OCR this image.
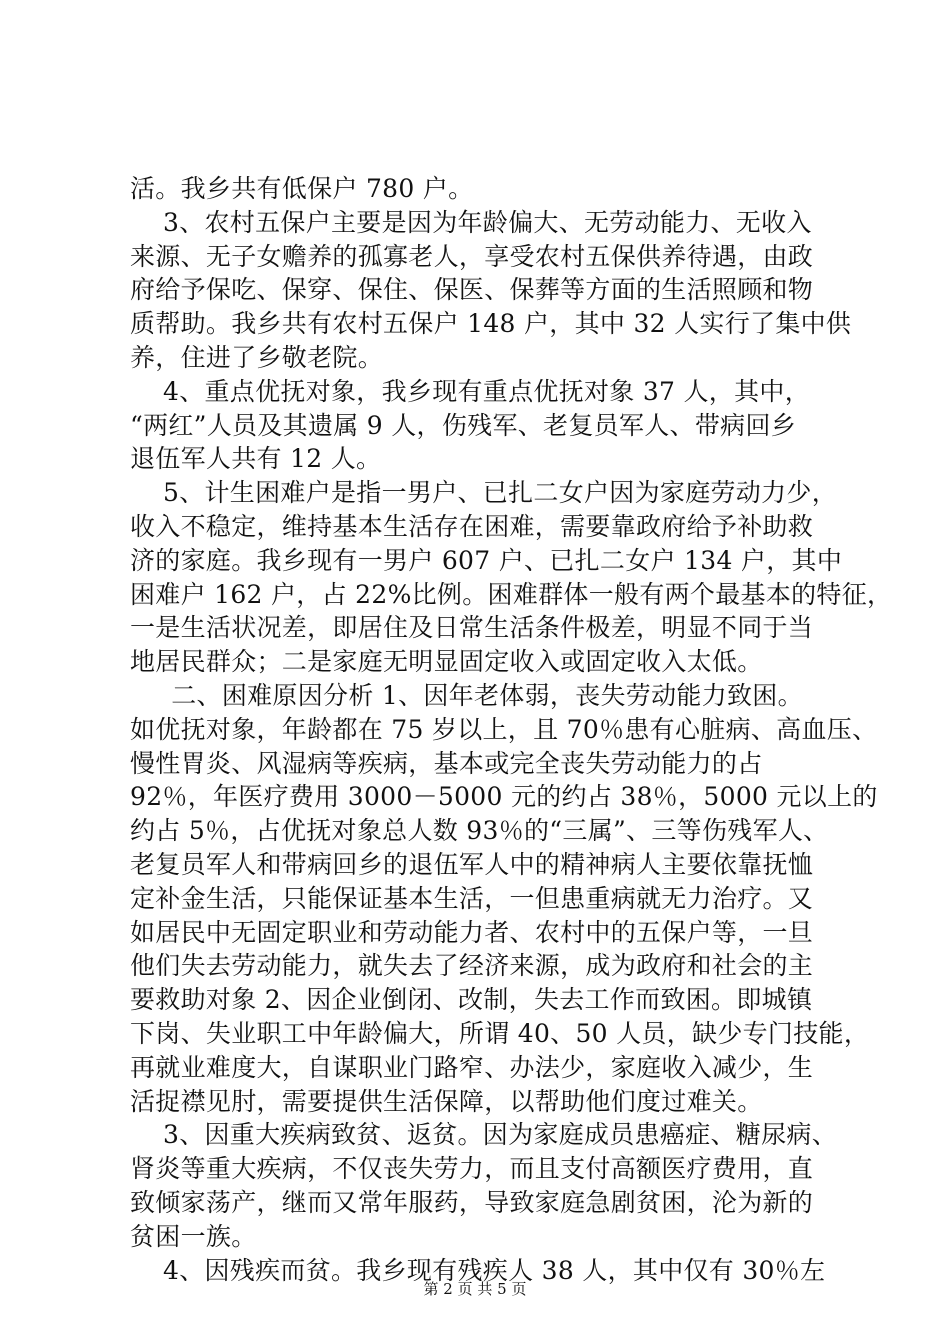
活。我乡共有低保户 780 户。
3、农村五保户主要是因为年龄偏大、无劳动能力、无收入
来源、无子女赡养的孤寡老人，享受农村五保供养待遇，由政
府给予保吃、保穿、保住、保医、保葬等方面的生活照顾和物
质帮助。我乡共有农村五保户 148 户，其中 32 人实行了集中供
养，住进了乡敬老院。
4、重点优抚对象，我乡现有重点优抚对象 37 人，其中，
“两红”人员及其遗属 9 人，伤残军、老复员军人、带病回乡
退伍军人共有 12 人。
5、计生困难户是指一男户、已扎二女户因为家庭劳动力少，
收入不稳定，维持基本生活存在困难，需要靠政府给予补助救
济的家庭。我乡现有一男户 607 户、已扎二女户 134 户，其中
困难户 162 户，占 22%比例。困难群体一般有两个最基本的特征，
一是生活状况差，即居住及日常生活条件极差，明显不同于当
地居民群众；二是家庭无明显固定收入或固定收入太低。
二、困难原因分析 1、因年老体弱，丧失劳动能力致困。
如优抚对象，年龄都在 75 岁以上，且 70％患有心脏病、高血压、
慢性胃炎、风湿病等疾病，基本或完全丧失劳动能力的占
92％，年医疗费用 3000－5000 元的约占 38％，5000 元以上的
约占 5％，占优抚对象总人数 93％的“三属”、三等伤残军人、
老复员军人和带病回乡的退伍军人中的精神病人主要依靠抚恤
定补金生活，只能保证基本生活，一但患重病就无力治疗。又
如居民中无固定职业和劳动能力者、农村中的五保户等，一旦
他们失去劳动能力，就失去了经济来源，成为政府和社会的主
要救助对象 2、因企业倒闭、改制，失去工作而致困。即城镇
下岗、失业职工中年龄偏大，所谓 40、50 人员，缺少专门技能，
再就业难度大，自谋职业门路窄、办法少，家庭收入减少，生
活捉襟见肘，需要提供生活保障，以帮助他们度过难关。
3、因重大疾病致贫、返贫。因为家庭成员患癌症、糖尿病、
肾炎等重大疾病，不仅丧失劳力，而且支付高额医疗费用，直
致倾家荡产，继而又常年服药，导致家庭急剧贫困，沦为新的
贫困一族。
4、因残疾而贫。我乡现有残疾人 38 人，其中仅有 30％左
第 2 页 共 5 页
